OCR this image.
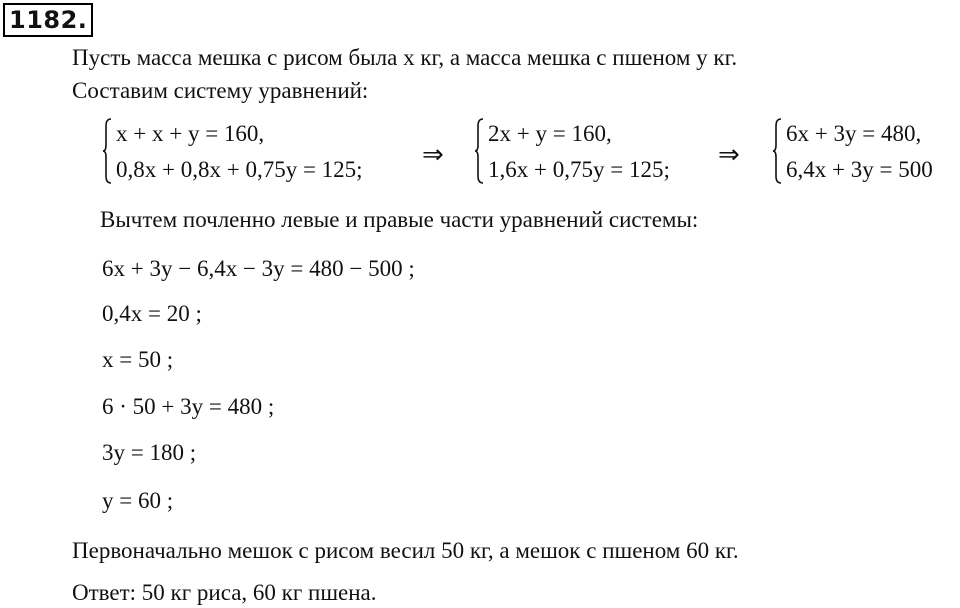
1182.
Пусть масса мешка с рисом была x кг, а масса мешка с пшеном y кг.
Составим систему уравнений:
x + x + y = 160,
0,8x + 0,8x + 0,75y = 125; ⇒
2x + y = 160,
1,6x + 0,75y = 125; ⇒
6x + 3y = 480,
6,4x + 3y = 500
Вычтем почленно левые и правые части уравнений системы:
6x + 3y − 6,4x − 3y = 480 − 500 ;
0,4x = 20 ;
x = 50 ;
6 · 50 + 3y = 480 ;
3y = 180 ;
y = 60 ;
Первоначально мешок с рисом весил 50 кг, а мешок с пшеном 60 кг.
Ответ: 50 кг риса, 60 кг пшена.
